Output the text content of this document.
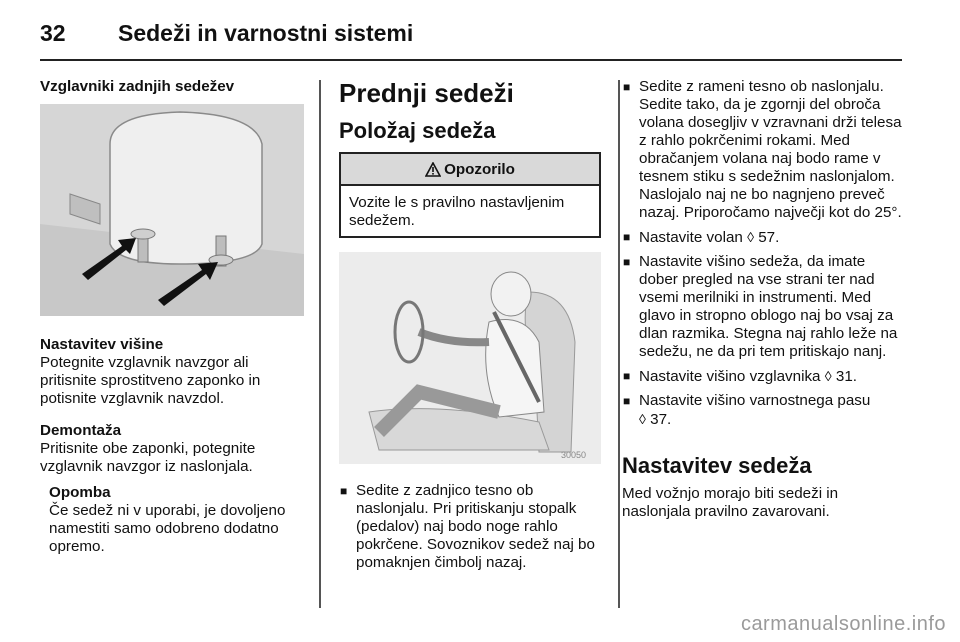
32 Sedeži in varnostni sistemi
Vzglavniki zadnjih sedežev
Nastavitev višine

Potegnite vzglavnik navzgor ali pritisnite sprostitveno zaponko in potisnite vzglavnik navzdol.

Demontaža

Pritisnite obe zaponki, potegnite vzglavnik navzgor iz naslonjala.

Opomba

Če sedež ni v uporabi, je dovoljeno namestiti samo odobreno dodatno opremo.

Prednji sedeži
Položaj sedeža
Opozorilo

Vozite le s pravilno nastavljenim sedežem.

30050
■ Sedite z zadnjico tesno ob naslonjalu. Pri pritiskanju stopalk (pedalov) naj bodo noge rahlo pokrčene. Sovoznikov sedež naj bo pomaknjen čimbolj nazaj.
■ Sedite z rameni tesno ob naslonjalu. Sedite tako, da je zgornji del obroča volana dosegljiv v vzravnani drži telesa z rahlo pokrčenimi rokami. Med obračanjem volana naj bodo rame v tesnem stiku s sedežnim naslonjalom. Naslojalo naj ne bo nagnjeno preveč nazaj. Priporočamo največji kot do 25°.
■ Nastavite volan ◊ 57.
■ Nastavite višino sedeža, da imate dober pregled na vse strani ter nad vsemi merilniki in instrumenti. Med glavo in stropno oblogo naj bo vsaj za dlan razmika. Stegna naj rahlo leže na sedežu, ne da pri tem pritiskajo nanj.
■ Nastavite višino vzglavnika ◊ 31.
■ Nastavite višino varnostnega pasu
◊ 37.
Nastavitev sedeža

Med vožnjo morajo biti sedeži in naslonjala pravilno zavarovani.

carmanualsonline.info
